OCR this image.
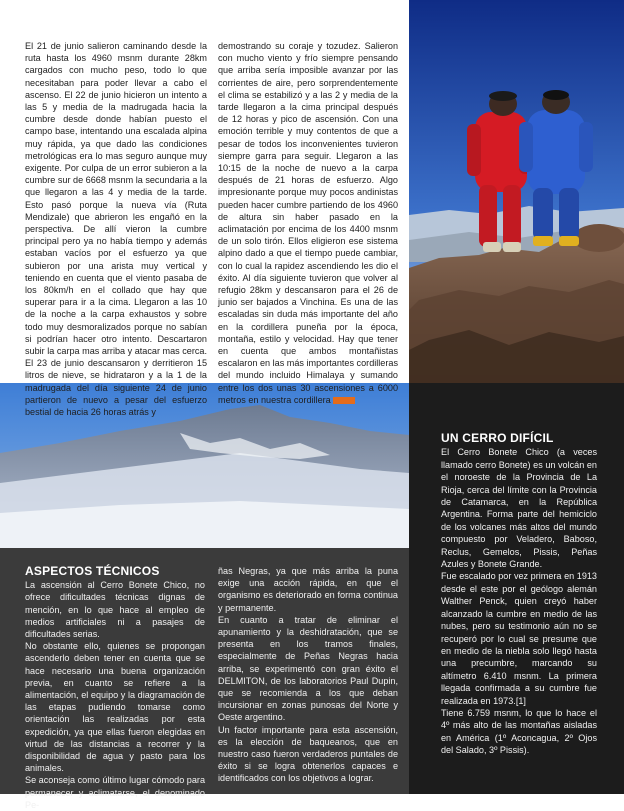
El 21 de junio salieron caminando desde la ruta hasta los 4960 msnm durante 28km cargados con mucho peso, todo lo que necesitaban para poder llevar a cabo el ascenso. El 22 de junio hicieron un intento a las 5 y media de la madrugada hacia la cumbre desde donde habían puesto el campo base, intentando una escalada alpina muy rápida, ya que dado las condiciones metrológicas era lo mas seguro aunque muy exigente. Por culpa de un error subieron a la cumbre sur de 6668 msnm la secundaria a la que llegaron a las 4 y media de la tarde. Esto pasó porque la nueva vía (Ruta Mendizale) que abrieron les engañó en la perspectiva. De allí vieron la cumbre principal pero ya no había tiempo y además estaban vacíos por el esfuerzo ya que subieron por una arista muy vertical y teniendo en cuenta que el viento pasaba de los 80km/h en el collado que hay que superar para ir a la cima. Llegaron a las 10 de la noche a la carpa exhaustos y sobre todo muy desmoralizados porque no sabían si podrían hacer otro intento. Descartaron subir la carpa mas arriba y atacar mas cerca. El 23 de junio descansaron y derritieron 15 litros de nieve, se hidrataron y a la 1 de la madrugada del día siguiente 24 de junio partieron de nuevo a pesar del esfuerzo bestial de hacia 26 horas atrás y

demostrando su coraje y tozudez. Salieron con mucho viento y frío siempre pensando que arriba sería imposible avanzar por las corrientes de aire, pero sorprendentemente el clima se estabilizó y a las 2 y media de la tarde llegaron a la cima principal después de 12 horas y pico de ascensión. Con una emoción terrible y muy contentos de que a pesar de todos los inconvenientes tuvieron siempre garra para seguir. Llegaron a las 10:15 de la noche de nuevo a la carpa después de 21 horas de esfuerzo. Algo impresionante porque muy pocos andinistas pueden hacer cumbre partiendo de los 4960 de altura sin haber pasado en la aclimatación por encima de los 4400 msnm de un solo tirón. Ellos eligieron ese sistema alpino dado a que el tiempo puede cambiar, con lo cual la rapidez ascendiendo les dio el éxito. Al día siguiente tuvieron que volver al refugio 28km y descansaron para el 26 de junio ser bajados a Vinchina. Es una de las escaladas sin duda más importante del año en la cordillera puneña por la época, montaña, estilo y velocidad. Hay que tener en cuenta que ambos montañistas escalaron en las más importantes cordilleras del mundo incluido Himalaya y sumando entre los dos unas 30 ascensiones a 6000 metros en nuestra cordillera

UN CERRO DIFÍCIL

El Cerro Bonete Chico (a veces llamado cerro Bonete) es un volcán en el noroeste de la Provincia de La Rioja, cerca del límite con la Provincia de Catamarca, en la República Argentina. Forma parte del hemiciclo de los volcanes más altos del mundo compuesto por Veladero, Baboso, Reclus, Gemelos, Pissis, Peñas Azules y Bonete Grande.

Fue escalado por vez primera en 1913 desde el este por el geólogo alemán Walther Penck, quien creyó haber alcanzado la cumbre en medio de las nubes, pero su testimonio aún no se recuperó por lo cual se presume que en medio de la niebla solo llegó hasta una precumbre, marcando su altímetro 6.410 msnm. La primera llegada confirmada a su cumbre fue realizada en 1973.[1]

Tiene 6.759 msnm, lo que lo hace el 4º más alto de las montañas aisladas en América (1º Aconcagua, 2º Ojos del Salado, 3º Pissis).

ASPECTOS TÉCNICOS

La ascensión al Cerro Bonete Chico, no ofrece dificultades técnicas dignas de mención, en lo que hace al empleo de medios artificiales ni a pasajes de dificultades serias.

No obstante ello, quienes se propongan ascenderlo deben tener en cuenta que se hace necesario una buena organización previa, en cuanto se refiere a la alimentación, el equipo y la diagramación de las etapas pudiendo tomarse como orientación las realizadas por esta expedición, ya que ellas fueron elegidas en virtud de las distancias a recorrer y la disponibilidad de agua y pasto para los animales.

Se aconseja como último lugar cómodo para permanecer y aclimatarse, el denominado Pe-

ñas Negras, ya que más arriba la puna exige una acción rápida, en que el organismo es deteriorado en forma continua y permanente.

En cuanto a tratar de eliminar el apunamiento y la deshidratación, que se presenta en los tramos finales, especialmente de Peñas Negras hacia arriba, se experimentó con gran éxito el DELMITON, de los laboratorios Paul Dupin, que se recomienda a los que deban incursionar en zonas punosas del Norte y Oeste argentino.

Un factor importante para esta ascensión, es la elección de baqueanos, que en nuestro caso fueron verdaderos puntales de éxito si se logra obtenerlos capaces e identificados con los objetivos a lograr.
